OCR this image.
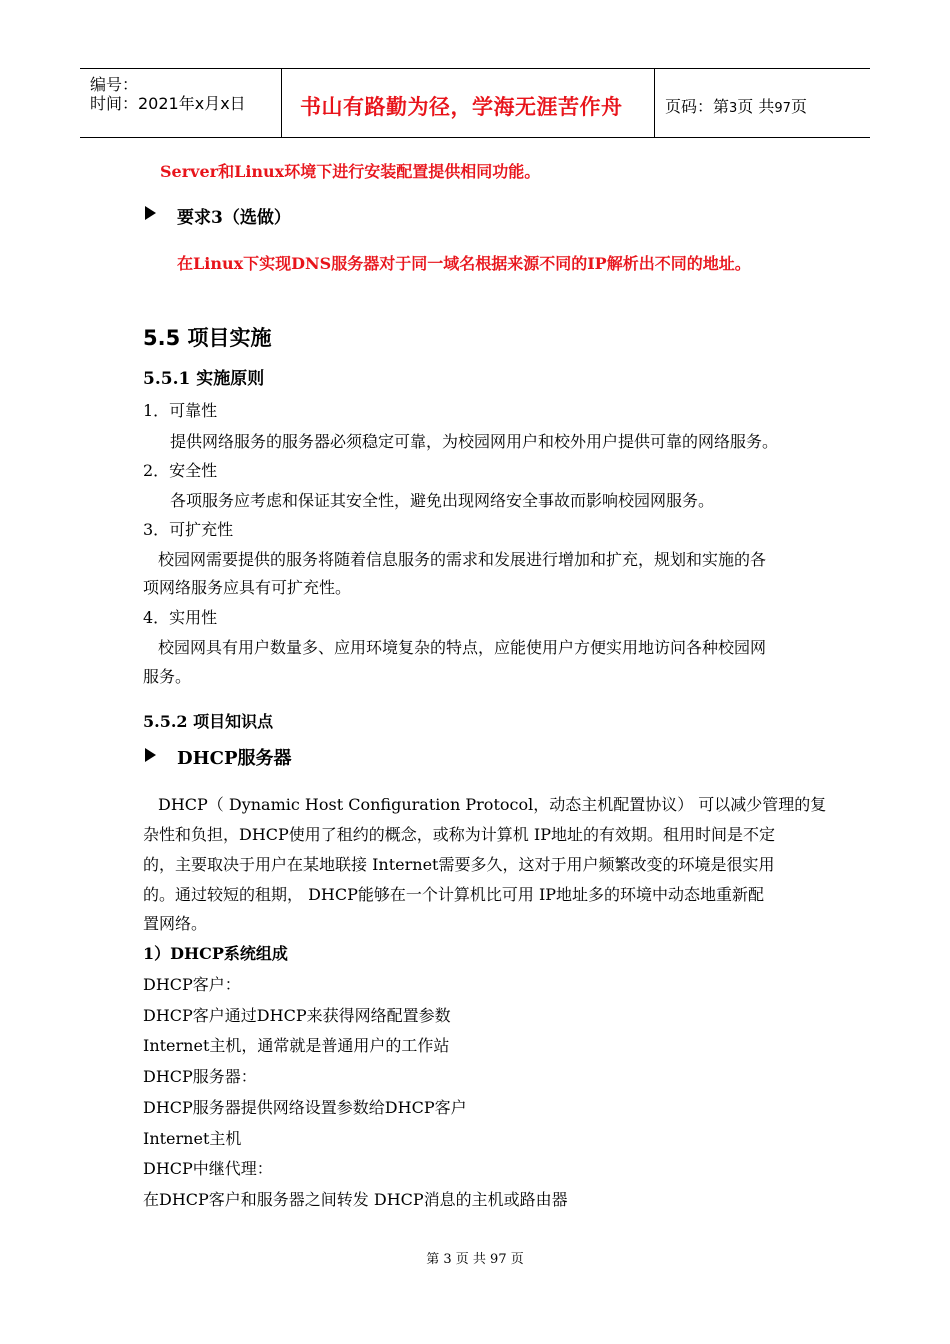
编号：
时间：2021年x月x日	书山有路勤为径，学海无涯苦作舟	页码：第3页 共97页
Server和Linux环境下进行安装配置提供相同功能。
要求3（选做）
在Linux下实现DNS服务器对于同一域名根据来源不同的IP解析出不同的地址。
5.5 项目实施
5.5.1 实施原则
1．可靠性
提供网络服务的服务器必须稳定可靠，为校园网用户和校外用户提供可靠的网络服务。
2．安全性
各项服务应考虑和保证其安全性，避免出现网络安全事故而影响校园网服务。
3．可扩充性
校园网需要提供的服务将随着信息服务的需求和发展进行增加和扩充，规划和实施的各
项网络服务应具有可扩充性。
4．实用性
校园网具有用户数量多、应用环境复杂的特点，应能使用户方便实用地访问各种校园网
服务。
5.5.2 项目知识点
DHCP服务器
DHCP（ Dynamic Host Configuration Protocol，动态主机配置协议） 可以减少管理的复
杂性和负担，DHCP使用了租约的概念，或称为计算机 IP地址的有效期。租用时间是不定
的，主要取决于用户在某地联接 Internet需要多久，这对于用户频繁改变的环境是很实用
的。通过较短的租期， DHCP能够在一个计算机比可用 IP地址多的环境中动态地重新配
置网络。
1）DHCP系统组成
DHCP客户：
DHCP客户通过DHCP来获得网络配置参数
Internet主机，通常就是普通用户的工作站
DHCP服务器：
DHCP服务器提供网络设置参数给DHCP客户
Internet主机
DHCP中继代理：
在DHCP客户和服务器之间转发 DHCP消息的主机或路由器
第 3 页 共 97 页
